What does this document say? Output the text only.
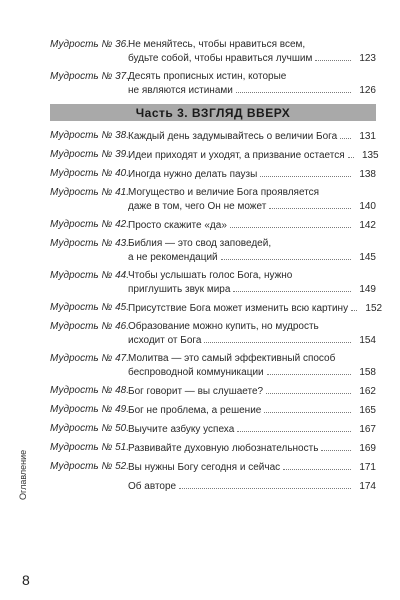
Мудрость № 36. Не меняйтесь, чтобы нравиться всем,
будьте собой, чтобы нравиться лучшим	123
Мудрость № 37. Десять прописных истин, которые
не являются истинами	126
Часть 3. ВЗГЛЯД ВВЕРХ
Мудрость № 38. Каждый день задумывайтесь о величии Бога	131
Мудрость № 39. Идеи приходят и уходят, а призвание остается	135
Мудрость № 40. Иногда нужно делать паузы	138
Мудрость № 41. Могущество и величие Бога проявляется
даже в том, чего Он не может	140
Мудрость № 42. Просто скажите «да»	142
Мудрость № 43. Библия — это свод заповедей,
а не рекомендаций	145
Мудрость № 44. Чтобы услышать голос Бога, нужно
приглушить звук мира	149
Мудрость № 45. Присутствие Бога может изменить всю картину	152
Мудрость № 46. Образование можно купить, но мудрость
исходит от Бога	154
Мудрость № 47. Молитва — это самый эффективный способ
беспроводной коммуникации	158
Мудрость № 48. Бог говорит — вы слушаете?	162
Мудрость № 49. Бог не проблема, а решение	165
Мудрость № 50. Выучите азбуку успеха	167
Мудрость № 51. Развивайте духовную любознательность	169
Мудрость № 52. Вы нужны Богу сегодня и сейчас	171
Об авторе	174
Оглавление
8
